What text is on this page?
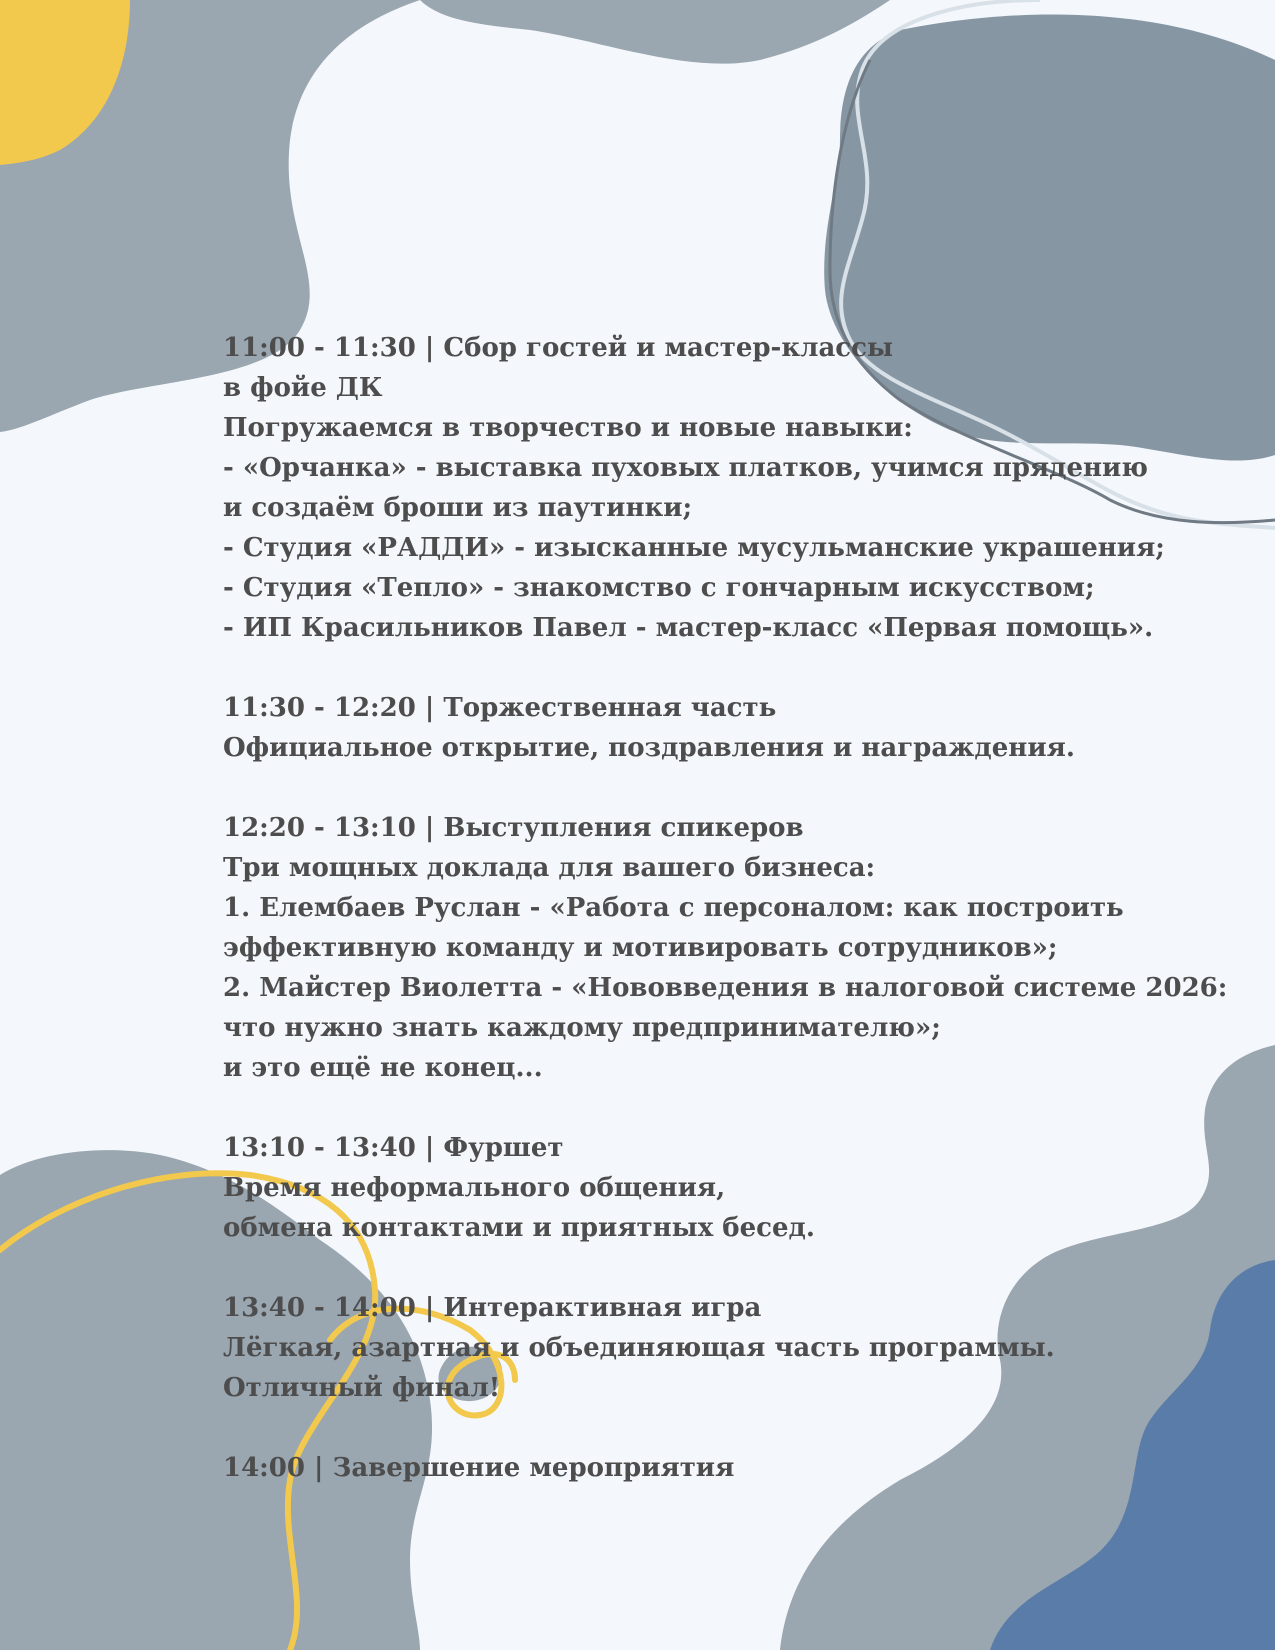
11:00 - 11:30 | Сбор гостей и мастер-классы
в фойе ДК
Погружаемся в творчество и новые навыки:
- «Орчанка» - выставка пуховых платков, учимся прядению
и создаём броши из паутинки;
- Студия «РАДДИ» - изысканные мусульманские украшения;
- Студия «Тепло» - знакомство с гончарным искусством;
- ИП Красильников Павел - мастер-класс «Первая помощь».
11:30 - 12:20 | Торжественная часть
Официальное открытие, поздравления и награждения.
12:20 - 13:10 | Выступления спикеров
Три мощных доклада для вашего бизнеса:
1. Елембаев Руслан - «Работа с персоналом: как построить
эффективную команду и мотивировать сотрудников»;
2. Майстер Виолетта - «Нововведения в налоговой системе 2026:
что нужно знать каждому предпринимателю»;
и это ещё не конец...
13:10 - 13:40 | Фуршет
Время неформального общения,
обмена контактами и приятных бесед.
13:40 - 14:00 | Интерактивная игра
Лёгкая, азартная и объединяющая часть программы.
Отличный финал!
14:00 | Завершение мероприятия
